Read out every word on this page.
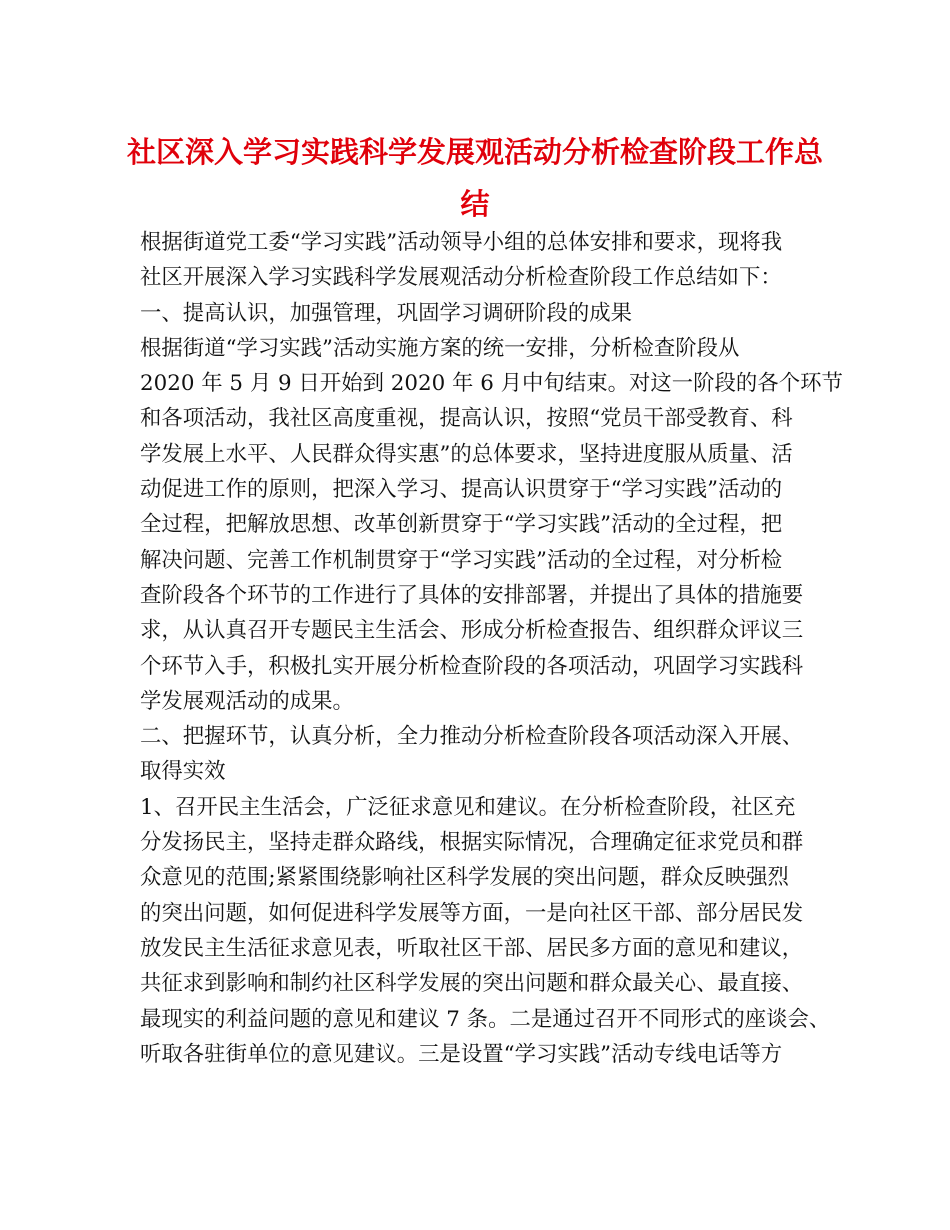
社区深入学习实践科学发展观活动分析检查阶段工作总
结
根据街道党工委“学习实践”活动领导小组的总体安排和要求，现将我
社区开展深入学习实践科学发展观活动分析检查阶段工作总结如下：
一、提高认识，加强管理，巩固学习调研阶段的成果
根据街道“学习实践”活动实施方案的统一安排，分析检查阶段从
2020 年 5 月 9 日开始到 2020 年 6 月中旬结束。对这一阶段的各个环节
和各项活动，我社区高度重视，提高认识，按照“党员干部受教育、科
学发展上水平、人民群众得实惠”的总体要求，坚持进度服从质量、活
动促进工作的原则，把深入学习、提高认识贯穿于“学习实践”活动的
全过程，把解放思想、改革创新贯穿于“学习实践”活动的全过程，把
解决问题、完善工作机制贯穿于“学习实践”活动的全过程，对分析检
查阶段各个环节的工作进行了具体的安排部署，并提出了具体的措施要
求，从认真召开专题民主生活会、形成分析检查报告、组织群众评议三
个环节入手，积极扎实开展分析检查阶段的各项活动，巩固学习实践科
学发展观活动的成果。
二、把握环节，认真分析，全力推动分析检查阶段各项活动深入开展、
取得实效
1、召开民主生活会，广泛征求意见和建议。在分析检查阶段，社区充
分发扬民主，坚持走群众路线，根据实际情况，合理确定征求党员和群
众意见的范围;紧紧围绕影响社区科学发展的突出问题，群众反映强烈
的突出问题，如何促进科学发展等方面，一是向社区干部、部分居民发
放发民主生活征求意见表，听取社区干部、居民多方面的意见和建议，
共征求到影响和制约社区科学发展的突出问题和群众最关心、最直接、
最现实的利益问题的意见和建议 7 条。二是通过召开不同形式的座谈会、
听取各驻街单位的意见建议。三是设置“学习实践”活动专线电话等方
